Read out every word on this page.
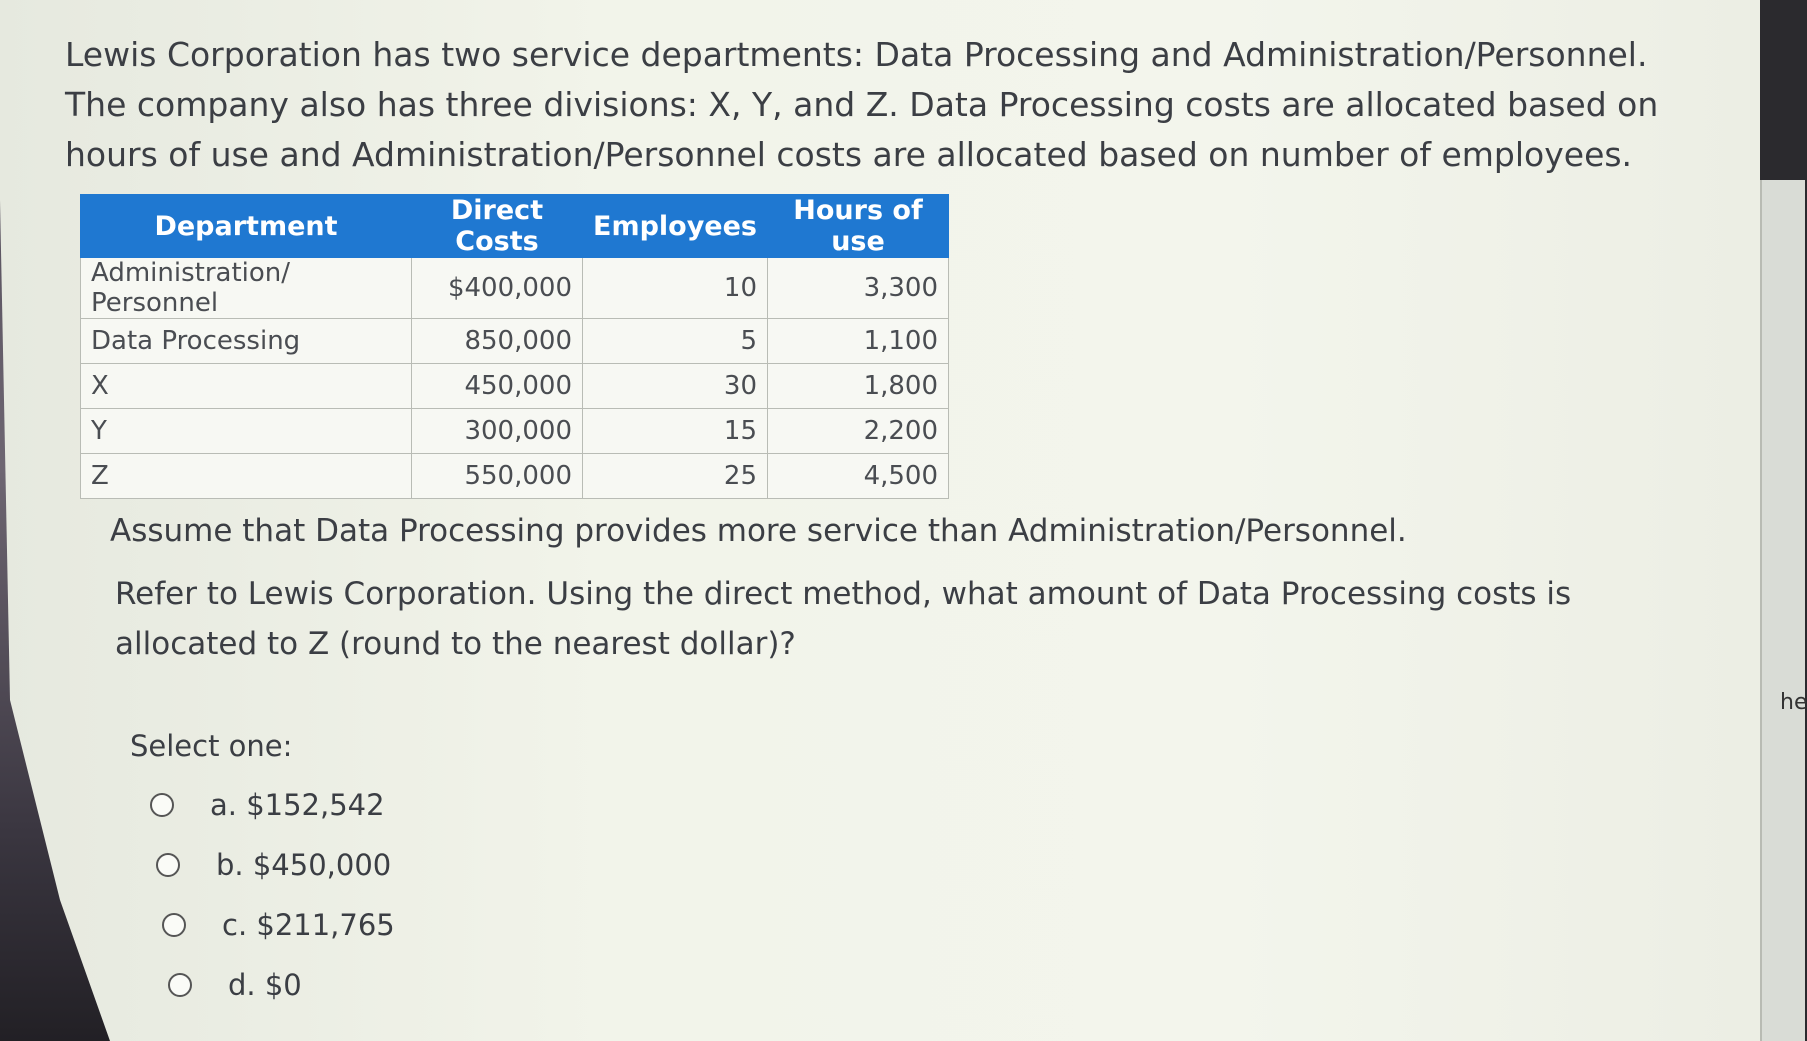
he

Lewis Corporation has two service departments: Data Processing and Administration/Personnel. The company also has three divisions: X, Y, and Z. Data Processing costs are allocated based on hours of use and Administration/Personnel costs are allocated based on number of employees.

Department	Direct Costs	Employees	Hours of use
Administration/ Personnel	$400,000	10	3,300
Data Processing	850,000	5	1,100
X	450,000	30	1,800
Y	300,000	15	2,200
Z	550,000	25	4,500

Assume that Data Processing provides more service than Administration/Personnel.

Refer to Lewis Corporation. Using the direct method, what amount of Data Processing costs is allocated to Z (round to the nearest dollar)?

Select one:
a. $152,542
b. $450,000
c. $211,765
d. $0
